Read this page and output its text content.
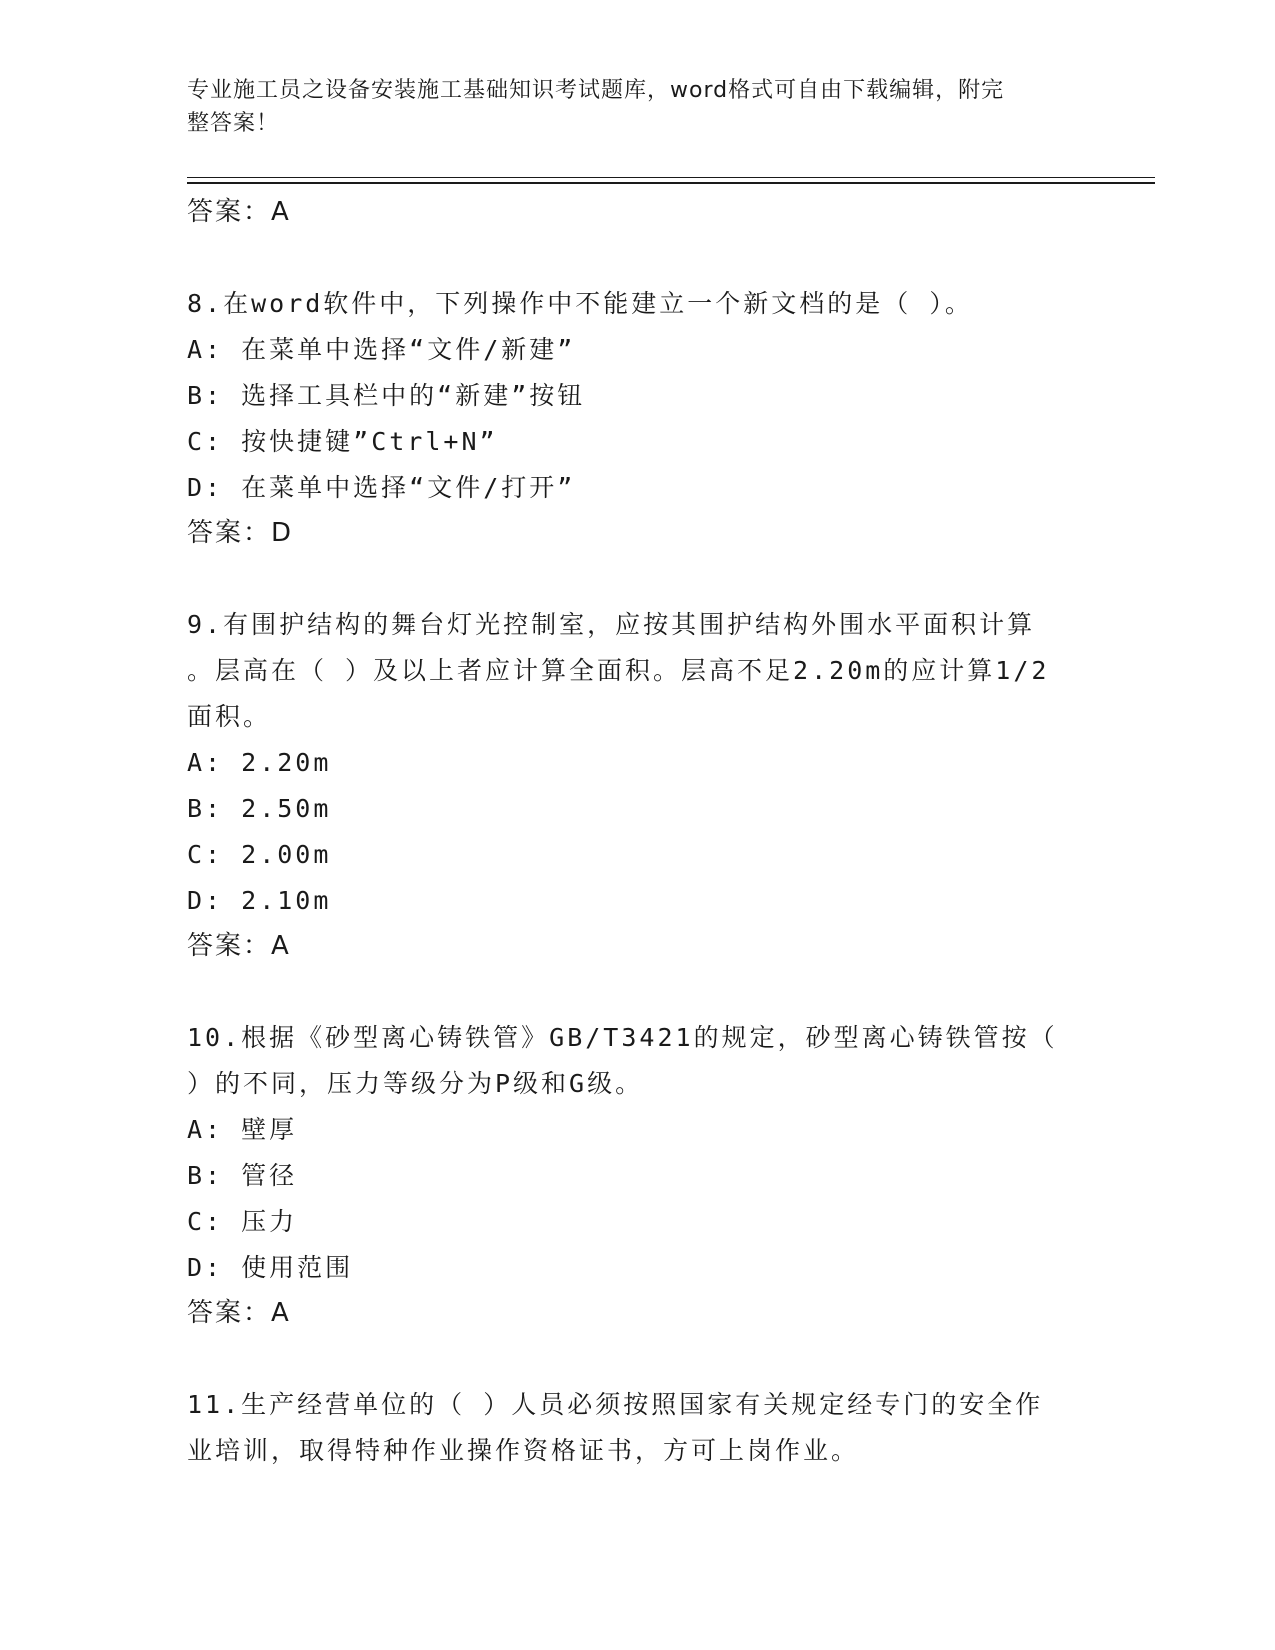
专业施工员之设备安装施工基础知识考试题库，word格式可自由下载编辑，附完
整答案！
答案：A

8.在word软件中，下列操作中不能建立一个新文档的是（ ）。

A: 在菜单中选择“文件/新建”
B: 选择工具栏中的“新建”按钮
C: 按快捷键”Ctrl+N”
D: 在菜单中选择“文件/打开”
答案：D

9.有围护结构的舞台灯光控制室，应按其围护结构外围水平面积计算
。层高在（ ）及以上者应计算全面积。层高不足2.20m的应计算1/2
面积。

A: 2.20m
B: 2.50m
C: 2.00m
D: 2.10m
答案：A

10.根据《砂型离心铸铁管》GB/T3421的规定，砂型离心铸铁管按（
）的不同，压力等级分为P级和G级。

A: 壁厚
B: 管径
C: 压力
D: 使用范围
答案：A

11.生产经营单位的（ ）人员必须按照国家有关规定经专门的安全作
业培训，取得特种作业操作资格证书，方可上岗作业。
